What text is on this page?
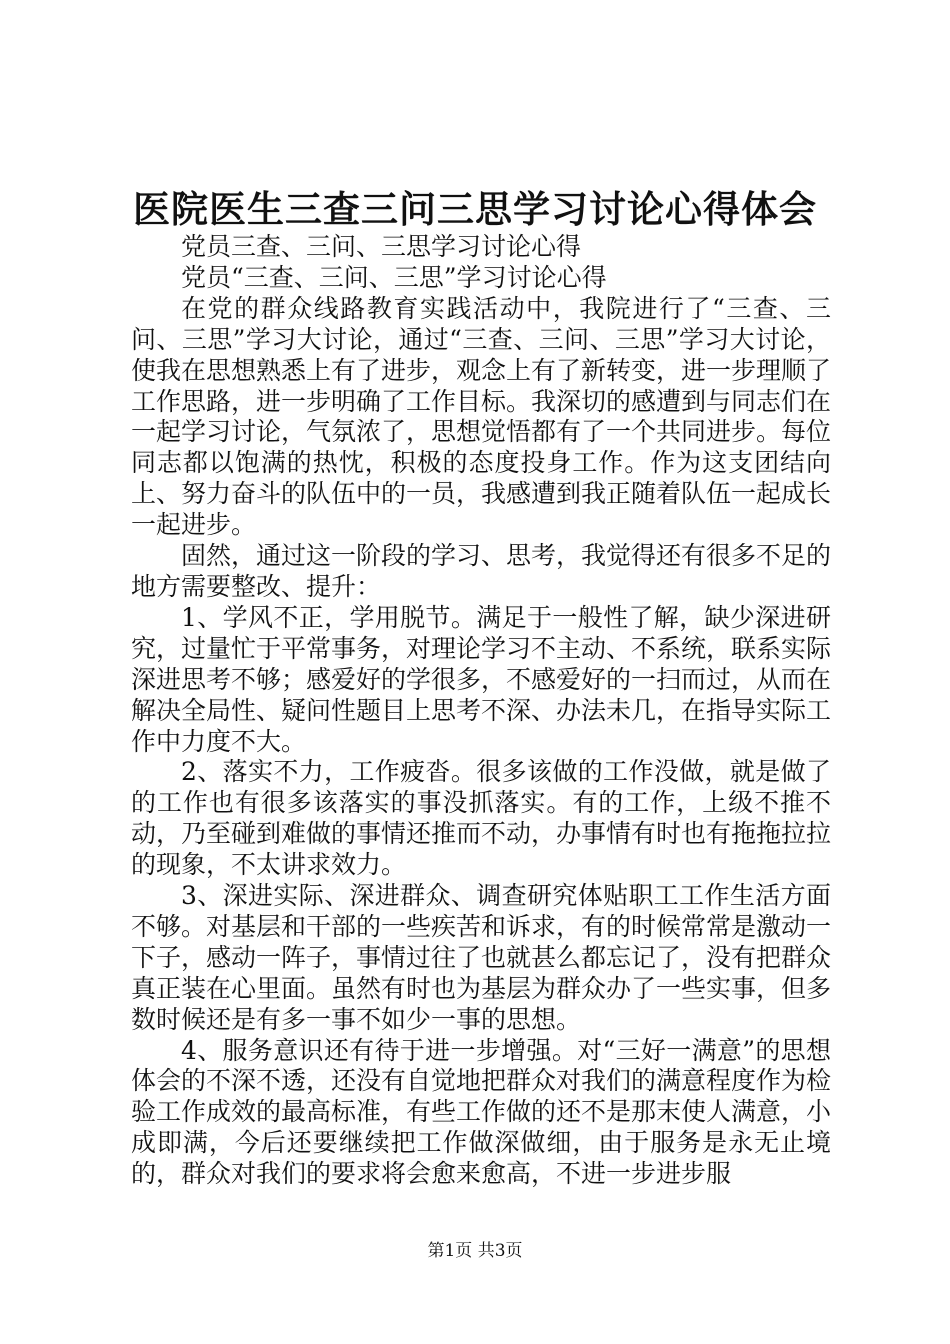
医院医生三查三问三思学习讨论心得体会

党员三查、三问、三思学习讨论心得

党员“三查、三问、三思”学习讨论心得

在党的群众线路教育实践活动中，我院进行了“三查、三问、三思”学习大讨论，通过“三查、三问、三思”学习大讨论，使我在思想熟悉上有了进步，观念上有了新转变，进一步理顺了工作思路，进一步明确了工作目标。我深切的感遭到与同志们在一起学习讨论，气氛浓了，思想觉悟都有了一个共同进步。每位同志都以饱满的热忱，积极的态度投身工作。作为这支团结向上、努力奋斗的队伍中的一员，我感遭到我正随着队伍一起成长一起进步。

固然，通过这一阶段的学习、思考，我觉得还有很多不足的地方需要整改、提升：

1、学风不正，学用脱节。满足于一般性了解，缺少深进研究，过量忙于平常事务，对理论学习不主动、不系统，联系实际深进思考不够；感爱好的学很多，不感爱好的一扫而过，从而在解决全局性、疑问性题目上思考不深、办法未几，在指导实际工作中力度不大。

2、落实不力，工作疲沓。很多该做的工作没做，就是做了的工作也有很多该落实的事没抓落实。有的工作，上级不推不动，乃至碰到难做的事情还推而不动，办事情有时也有拖拖拉拉的现象，不太讲求效力。

3、深进实际、深进群众、调查研究体贴职工工作生活方面不够。对基层和干部的一些疾苦和诉求，有的时候常常是激动一下子，感动一阵子，事情过往了也就甚么都忘记了，没有把群众真正装在心里面。虽然有时也为基层为群众办了一些实事，但多数时候还是有多一事不如少一事的思想。

4、服务意识还有待于进一步增强。对“三好一满意”的思想体会的不深不透，还没有自觉地把群众对我们的满意程度作为检验工作成效的最高标准，有些工作做的还不是那末使人满意，小成即满，今后还要继续把工作做深做细，由于服务是永无止境的，群众对我们的要求将会愈来愈高，不进一步进步服

第1页 共3页
